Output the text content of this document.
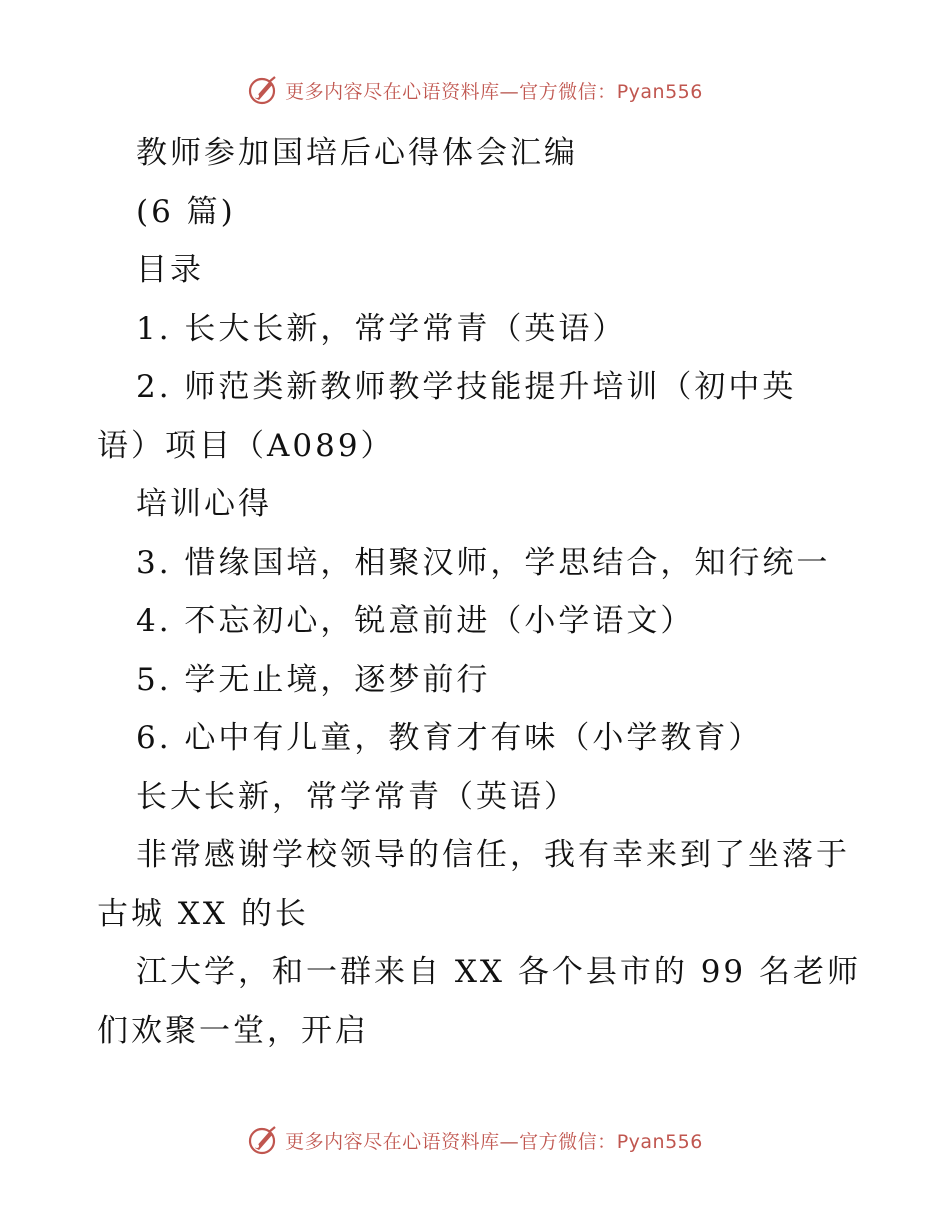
更多内容尽在心语资料库—官方微信：Pyan556
教师参加国培后心得体会汇编
(6 篇)
目录
1. 长大长新，常学常青（英语）
2. 师范类新教师教学技能提升培训（初中英
语）项目（A089）
培训心得
3. 惜缘国培，相聚汉师，学思结合，知行统一
4. 不忘初心，锐意前进（小学语文）
5. 学无止境，逐梦前行
6. 心中有儿童，教育才有味（小学教育）
长大长新，常学常青（英语）
非常感谢学校领导的信任，我有幸来到了坐落于
古城 XX 的长
江大学，和一群来自 XX 各个县市的 99 名老师
们欢聚一堂，开启
更多内容尽在心语资料库—官方微信：Pyan556
